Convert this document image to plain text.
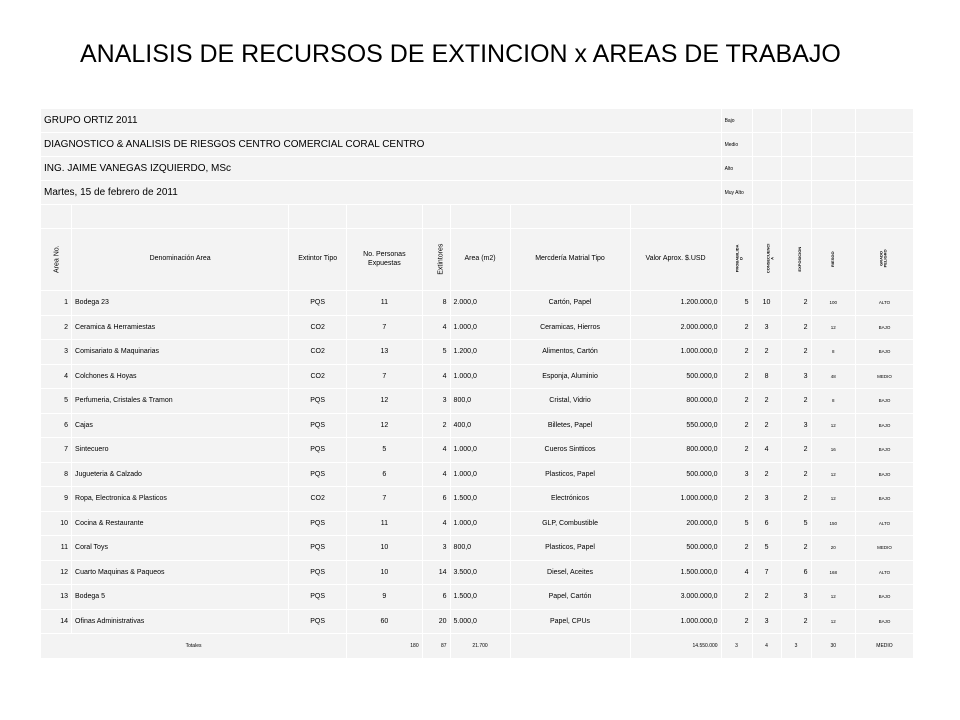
ANALISIS DE RECURSOS DE EXTINCION x AREAS DE TRABAJO
GRUPO ORTIZ 2011								Bajo				
DIAGNOSTICO & ANALISIS DE RIESGOS CENTRO COMERCIAL CORAL CENTRO								Medio				
ING. JAIME VANEGAS IZQUIERDO, MSc								Alto				
Martes, 15 de febrero de 2011								Muy Alto				

Area No.	Denominación Area	Extintor Tipo	No. Personas Expuestas	Extintores	Area (m2)	Mercdería Matrial Tipo	Valor Aprox. $.USD	PROBABILIDA D	CONSECUENCI A	EXPOSICION	RIESGO	GRADO PELIGRO
1	Bodega 23	PQS	11	8	2.000,0	Cartón, Papel	1.200.000,0	5	10	2	100	ALTO
2	Ceramica & Herramiestas	CO2	7	4	1.000,0	Ceramicas, Hierros	2.000.000,0	2	3	2	12	BAJO
3	Comisariato & Maquinarias	CO2	13	5	1.200,0	Alimentos, Cartón	1.000.000,0	2	2	2	8	BAJO
4	Colchones & Hoyas	CO2	7	4	1.000,0	Esponja, Aluminio	500.000,0	2	8	3	48	MEDIO
5	Perfumeria, Cristales & Tramon	PQS	12	3	800,0	Cristal, Vidrio	800.000,0	2	2	2	8	BAJO
6	Cajas	PQS	12	2	400,0	Billetes, Papel	550.000,0	2	2	3	12	BAJO
7	Sintecuero	PQS	5	4	1.000,0	Cueros Sintticos	800.000,0	2	4	2	16	BAJO
8	Jugueteria & Calzado	PQS	6	4	1.000,0	Plasticos, Papel	500.000,0	3	2	2	12	BAJO
9	Ropa, Electronica & Plasticos	CO2	7	6	1.500,0	Electrónicos	1.000.000,0	2	3	2	12	BAJO
10	Cocina & Restaurante	PQS	11	4	1.000,0	GLP, Combustible	200.000,0	5	6	5	150	ALTO
11	Coral Toys	PQS	10	3	800,0	Plasticos, Papel	500.000,0	2	5	2	20	MEDIO
12	Cuarto Maquinas & Paqueos	PQS	10	14	3.500,0	Diesel, Aceites	1.500.000,0	4	7	6	168	ALTO
13	Bodega 5	PQS	9	6	1.500,0	Papel, Cartón	3.000.000,0	2	2	3	12	BAJO
14	Ofinas Administrativas	PQS	60	20	5.000,0	Papel, CPUs	1.000.000,0	2	3	2	12	BAJO
Totales			180	87	21.700		14.550.000	3	4	3	30	MEDIO
